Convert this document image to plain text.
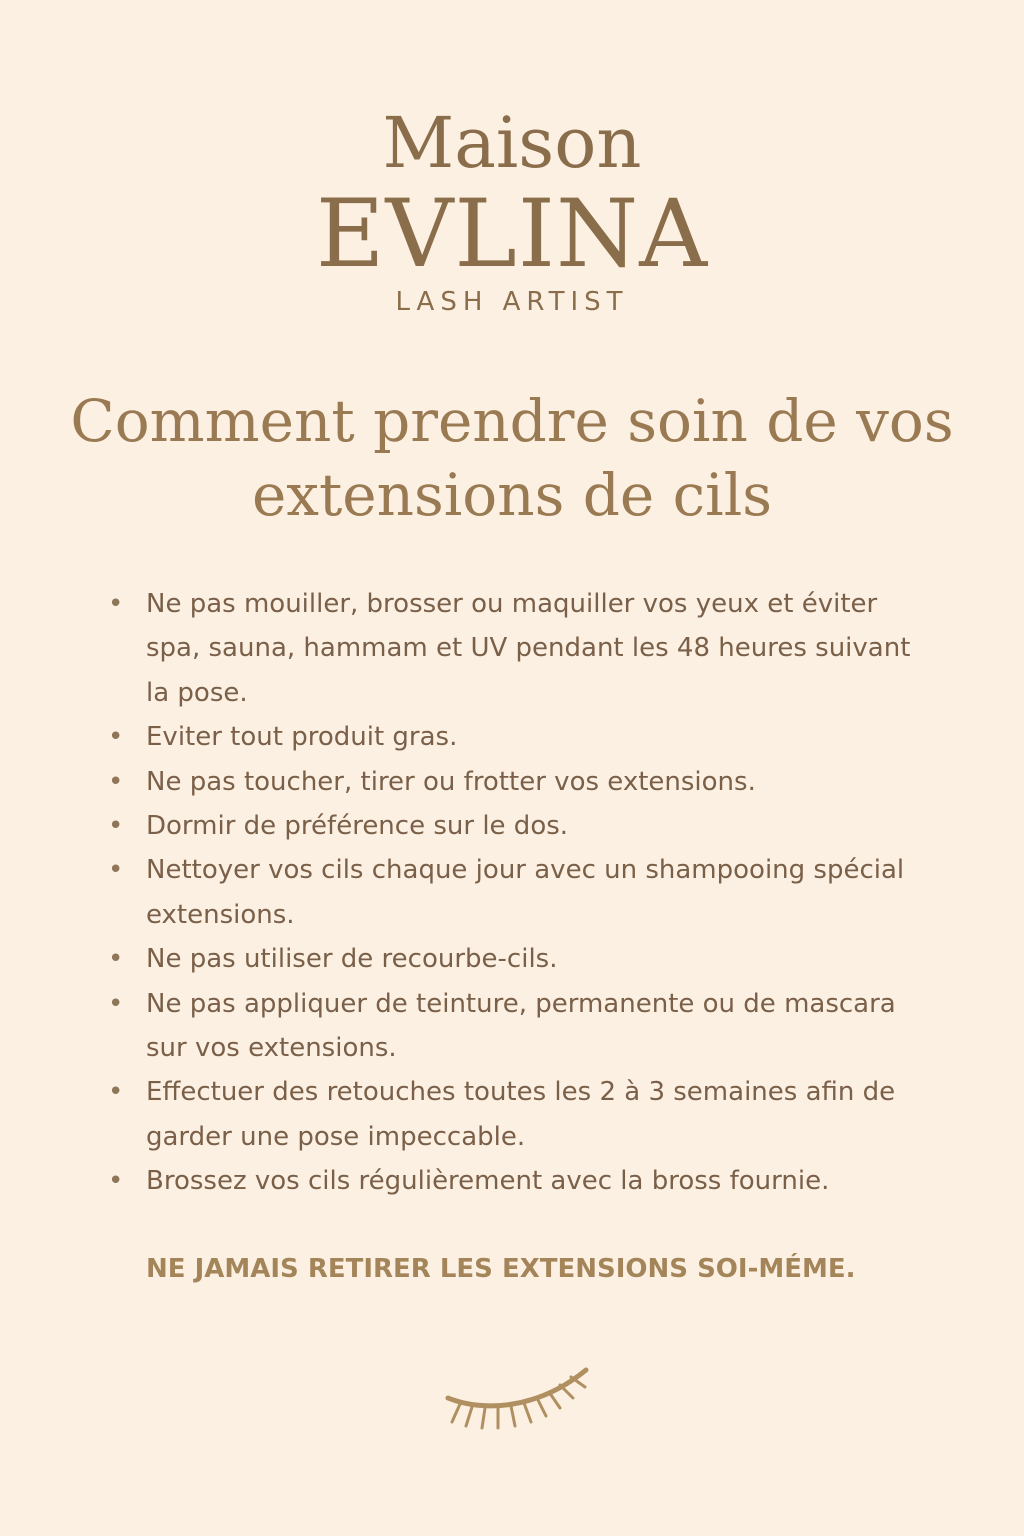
Maison
EVLINA
LASH ARTIST
Comment prendre soin de vos extensions de cils
• Ne pas mouiller, brosser ou maquiller vos yeux et éviter spa, sauna, hammam et UV pendant les 48 heures suivant la pose.
• Eviter tout produit gras.
• Ne pas toucher, tirer ou frotter vos extensions.
• Dormir de préférence sur le dos.
• Nettoyer vos cils chaque jour avec un shampooing spécial extensions.
• Ne pas utiliser de recourbe-cils.
• Ne pas appliquer de teinture, permanente ou de mascara sur vos extensions.
• Effectuer des retouches toutes les 2 à 3 semaines afin de garder une pose impeccable.
• Brossez vos cils régulièrement avec la bross fournie.
NE JAMAIS RETIRER LES EXTENSIONS SOI-MÉME.
